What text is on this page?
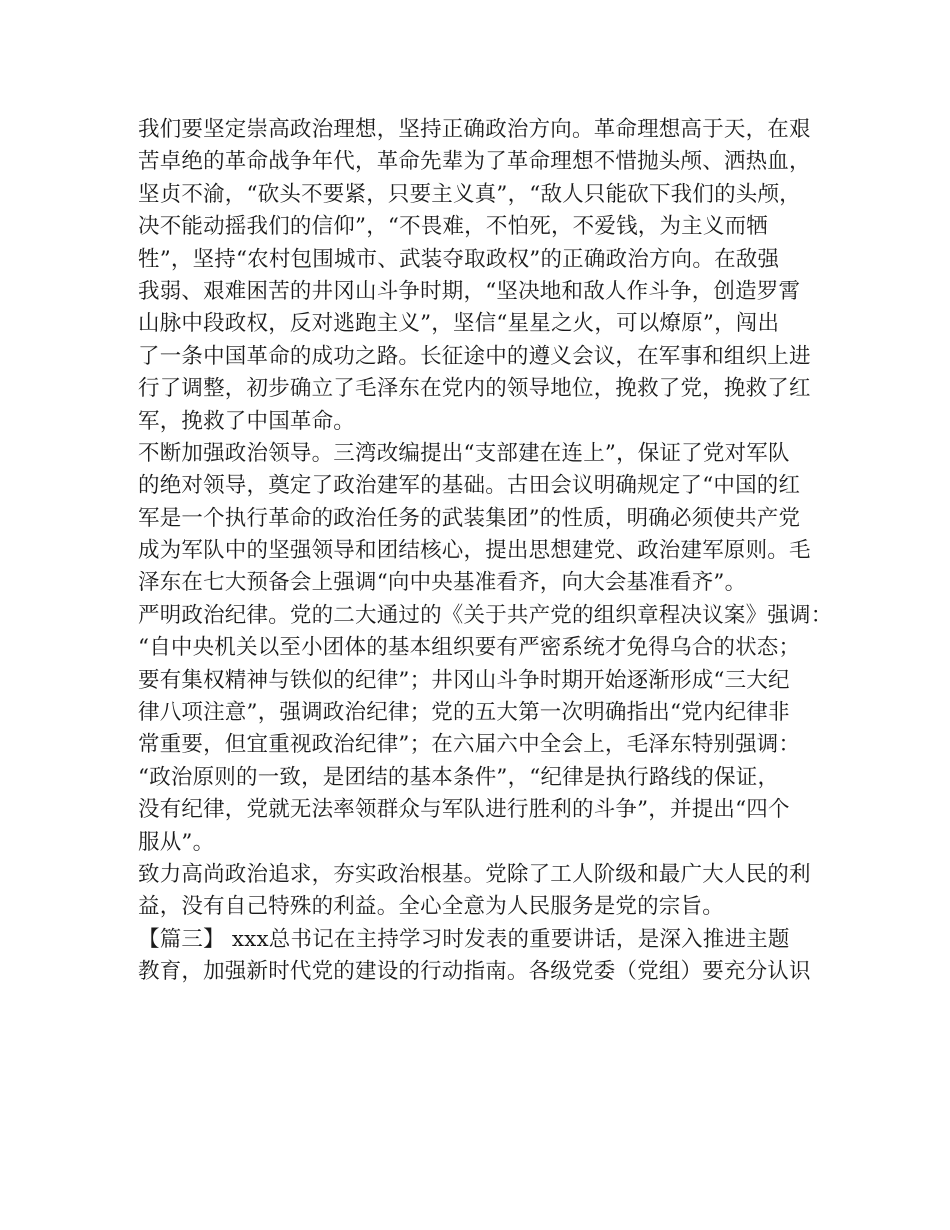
我们要坚定崇高政治理想，坚持正确政治方向。革命理想高于天，在艰
苦卓绝的革命战争年代，革命先辈为了革命理想不惜抛头颅、洒热血，
坚贞不渝，“砍头不要紧，只要主义真”，“敌人只能砍下我们的头颅，
决不能动摇我们的信仰”，“不畏难，不怕死，不爱钱，为主义而牺
牲”，坚持“农村包围城市、武装夺取政权”的正确政治方向。在敌强
我弱、艰难困苦的井冈山斗争时期，“坚决地和敌人作斗争，创造罗霄
山脉中段政权，反对逃跑主义”，坚信“星星之火，可以燎原”，闯出
了一条中国革命的成功之路。长征途中的遵义会议，在军事和组织上进
行了调整，初步确立了毛泽东在党内的领导地位，挽救了党，挽救了红
军，挽救了中国革命。
不断加强政治领导。三湾改编提出“支部建在连上”，保证了党对军队
的绝对领导，奠定了政治建军的基础。古田会议明确规定了“中国的红
军是一个执行革命的政治任务的武装集团”的性质，明确必须使共产党
成为军队中的坚强领导和团结核心，提出思想建党、政治建军原则。毛
泽东在七大预备会上强调“向中央基准看齐，向大会基准看齐”。
严明政治纪律。党的二大通过的《关于共产党的组织章程决议案》强调：
“自中央机关以至小团体的基本组织要有严密系统才免得乌合的状态；
要有集权精神与铁似的纪律”；井冈山斗争时期开始逐渐形成“三大纪
律八项注意”，强调政治纪律；党的五大第一次明确指出“党内纪律非
常重要，但宜重视政治纪律”；在六届六中全会上，毛泽东特别强调：
“政治原则的一致，是团结的基本条件”，“纪律是执行路线的保证，
没有纪律，党就无法率领群众与军队进行胜利的斗争”，并提出“四个
服从”。
致力高尚政治追求，夯实政治根基。党除了工人阶级和最广大人民的利
益，没有自己特殊的利益。全心全意为人民服务是党的宗旨。
【篇三】 xxx总书记在主持学习时发表的重要讲话，是深入推进主题
教育，加强新时代党的建设的行动指南。各级党委（党组）要充分认识
